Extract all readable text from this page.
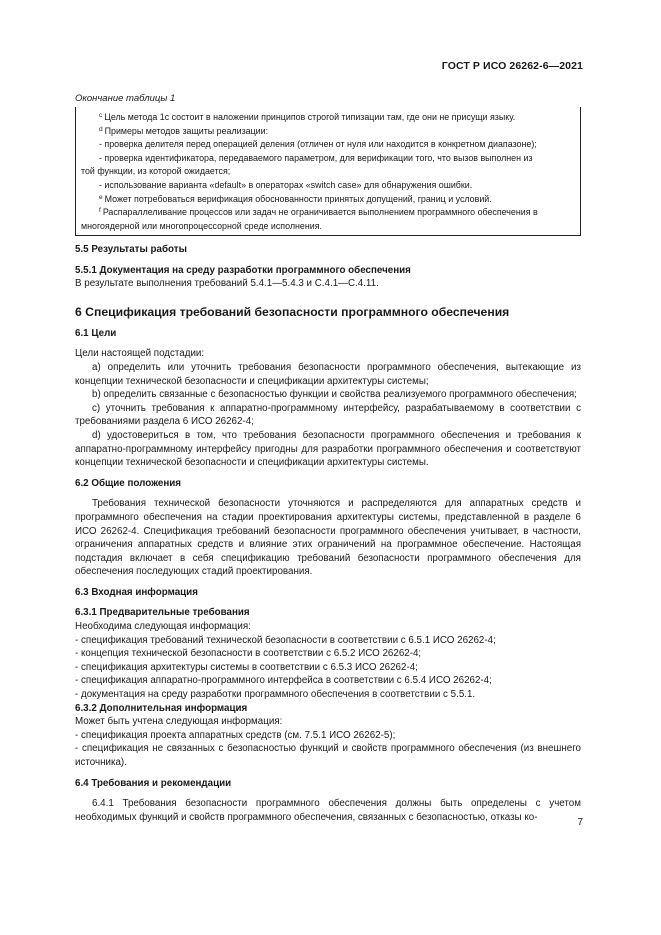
ГОСТ Р ИСО 26262-6—2021
Окончание таблицы 1
$^c$ Цель метода 1с состоит в наложении принципов строгой типизации там, где они не присущи языку.
$^d$ Примеры методов защиты реализации:
- проверка делителя перед операцией деления (отличен от нуля или находится в конкретном диапазоне);
- проверка идентификатора, передаваемого параметром, для верификации того, что вызов выполнен из
той функции, из которой ожидается;
- использование варианта «default» в операторах «switch case» для обнаружения ошибки.
$^e$ Может потребоваться верификация обоснованности принятых допущений, границ и условий.
$^f$ Распараллеливание процессов или задач не ограничивается выполнением программного обеспечения в
многоядерной или многопроцессорной среде исполнения.
5.5 Результаты работы
5.5.1 Документация на среду разработки программного обеспечения
В результате выполнения требований 5.4.1—5.4.3 и С.4.1—С.4.11.
6 Спецификация требований безопасности программного обеспечения
6.1 Цели
Цели настоящей подстадии:
a) определить или уточнить требования безопасности программного обеспечения, вытекающие из концепции технической безопасности и спецификации архитектуры системы;
b) определить связанные с безопасностью функции и свойства реализуемого программного обеспечения;
c) уточнить требования к аппаратно-программному интерфейсу, разрабатываемому в соответствии с требованиями раздела 6 ИСО 26262-4;
d) удостовериться в том, что требования безопасности программного обеспечения и требования к аппаратно-программному интерфейсу пригодны для разработки программного обеспечения и соответствуют концепции технической безопасности и спецификации архитектуры системы.
6.2 Общие положения
Требования технической безопасности уточняются и распределяются для аппаратных средств и программного обеспечения на стадии проектирования архитектуры системы, представленной в разделе 6 ИСО 26262-4. Спецификация требований безопасности программного обеспечения учитывает, в частности, ограничения аппаратных средств и влияние этих ограничений на программное обеспечение. Настоящая подстадия включает в себя спецификацию требований безопасности программного обеспечения для обеспечения последующих стадий проектирования.
6.3 Входная информация
6.3.1 Предварительные требования
Необходима следующая информация:
- спецификация требований технической безопасности в соответствии с 6.5.1 ИСО 26262-4;
- концепция технической безопасности в соответствии с 6.5.2 ИСО 26262-4;
- спецификация архитектуры системы в соответствии с 6.5.3 ИСО 26262-4;
- спецификация аппаратно-программного интерфейса в соответствии с 6.5.4 ИСО 26262-4;
- документация на среду разработки программного обеспечения в соответствии с 5.5.1.
6.3.2 Дополнительная информация
Может быть учтена следующая информация:
- спецификация проекта аппаратных средств (см. 7.5.1 ИСО 26262-5);
- спецификация не связанных с безопасностью функций и свойств программного обеспечения (из внешнего источника).
6.4 Требования и рекомендации
6.4.1 Требования безопасности программного обеспечения должны быть определены с учетом необходимых функций и свойств программного обеспечения, связанных с безопасностью, отказы ко-	7
